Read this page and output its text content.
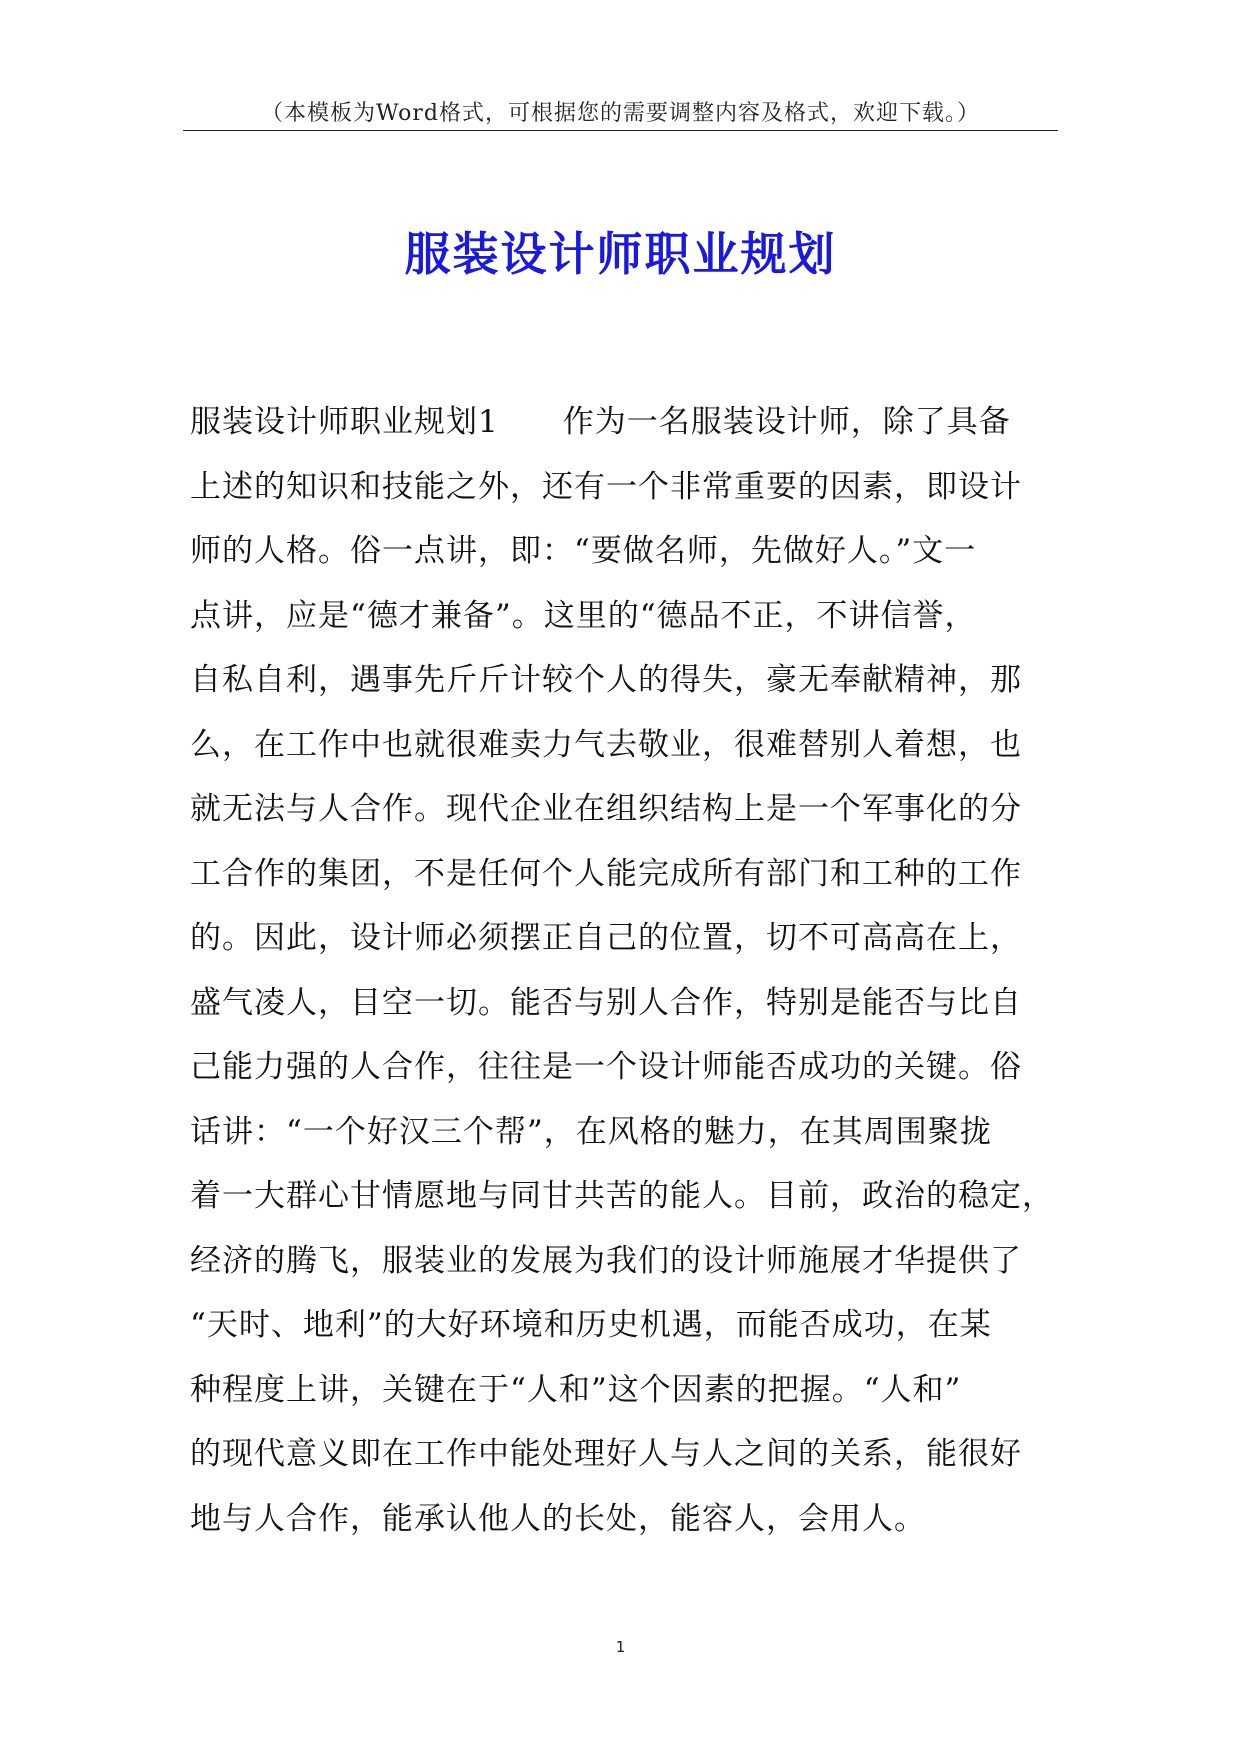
（本模板为Word格式，可根据您的需要调整内容及格式，欢迎下载。）
服装设计师职业规划
服装设计师职业规划1　　作为一名服装设计师，除了具备
上述的知识和技能之外，还有一个非常重要的因素，即设计
师的人格。俗一点讲，即：“要做名师，先做好人。”文一
点讲，应是“德才兼备”。这里的“德品不正，不讲信誉，
自私自利，遇事先斤斤计较个人的得失，豪无奉献精神，那
么，在工作中也就很难卖力气去敬业，很难替别人着想，也
就无法与人合作。现代企业在组织结构上是一个军事化的分
工合作的集团，不是任何个人能完成所有部门和工种的工作
的。因此，设计师必须摆正自己的位置，切不可高高在上，
盛气凌人，目空一切。能否与别人合作，特别是能否与比自
己能力强的人合作，往往是一个设计师能否成功的关键。俗
话讲：“一个好汉三个帮”，在风格的魅力，在其周围聚拢
着一大群心甘情愿地与同甘共苦的能人。目前，政治的稳定，
经济的腾飞，服装业的发展为我们的设计师施展才华提供了
“天时、地利”的大好环境和历史机遇，而能否成功，在某
种程度上讲，关键在于“人和”这个因素的把握。“人和”
的现代意义即在工作中能处理好人与人之间的关系，能很好
地与人合作，能承认他人的长处，能容人，会用人。
1
